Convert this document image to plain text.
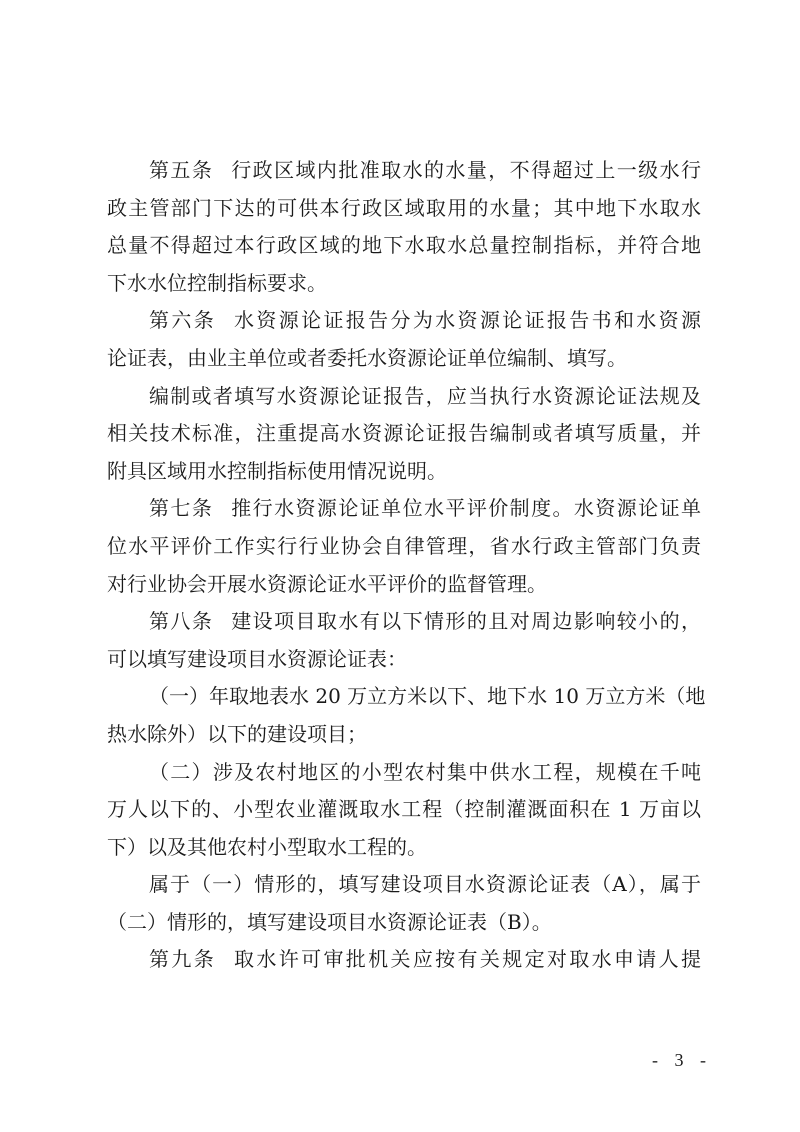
第五条 行政区域内批准取水的水量，不得超过上一级水行
政主管部门下达的可供本行政区域取用的水量；其中地下水取水
总量不得超过本行政区域的地下水取水总量控制指标，并符合地
下水水位控制指标要求。
第六条 水资源论证报告分为水资源论证报告书和水资源
论证表，由业主单位或者委托水资源论证单位编制、填写。
编制或者填写水资源论证报告，应当执行水资源论证法规及
相关技术标准，注重提高水资源论证报告编制或者填写质量，并
附具区域用水控制指标使用情况说明。
第七条 推行水资源论证单位水平评价制度。水资源论证单
位水平评价工作实行行业协会自律管理，省水行政主管部门负责
对行业协会开展水资源论证水平评价的监督管理。
第八条 建设项目取水有以下情形的且对周边影响较小的，
可以填写建设项目水资源论证表：
（一）年取地表水 20 万立方米以下、地下水 10 万立方米（地
热水除外）以下的建设项目；
（二）涉及农村地区的小型农村集中供水工程，规模在千吨
万人以下的、小型农业灌溉取水工程（控制灌溉面积在 1 万亩以
下）以及其他农村小型取水工程的。
属于（一）情形的，填写建设项目水资源论证表（A），属于
（二）情形的，填写建设项目水资源论证表（B）。
第九条 取水许可审批机关应按有关规定对取水申请人提
- 3 -
